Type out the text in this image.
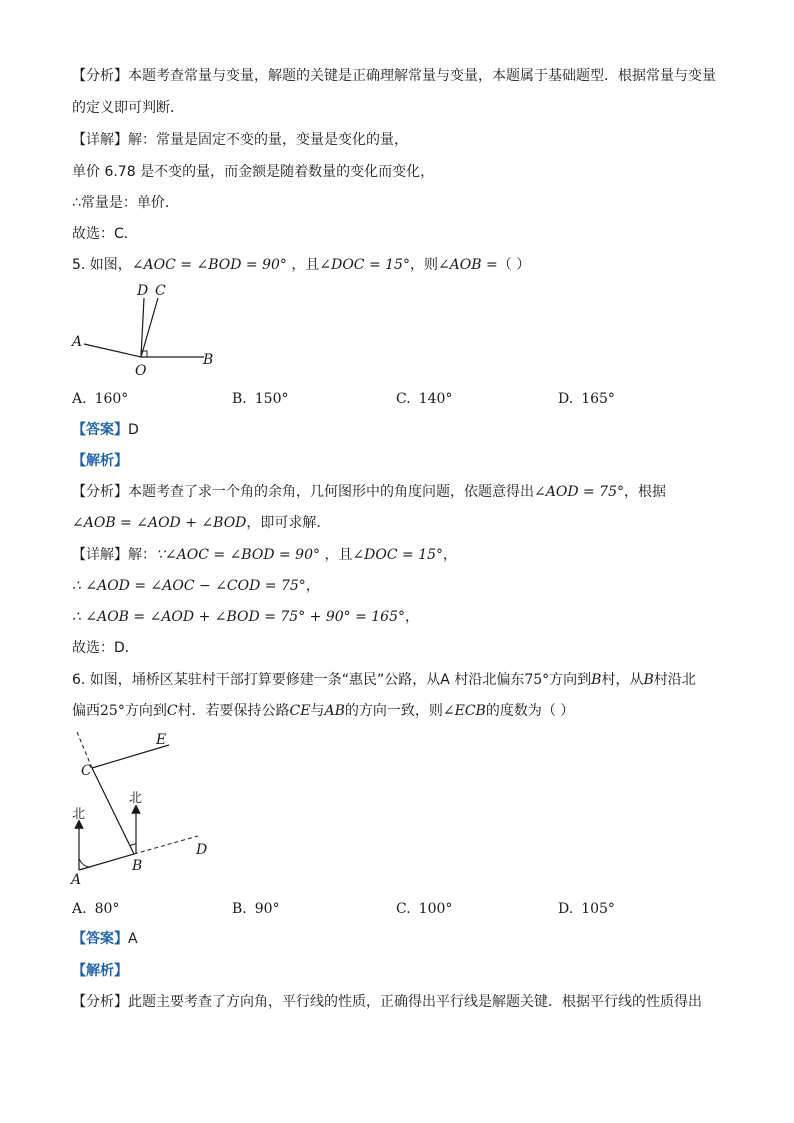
【分析】本题考查常量与变量，解题的关键是正确理解常量与变量，本题属于基础题型．根据常量与变量
的定义即可判断．
【详解】解：常量是固定不变的量，变量是变化的量，
单价 6.78 是不变的量，而金额是随着数量的变化而变化，
∴常量是：单价．
故选：C．
5. 如图，∠AOC = ∠BOD = 90° ，且∠DOC = 15°，则∠AOB =（ ）
D C
A
O
B
A. 160°	B. 150°	C. 140°	D. 165°
【答案】D
【解析】
【分析】本题考查了求一个角的余角，几何图形中的角度问题，依题意得出∠AOD = 75°，根据
∠AOB = ∠AOD + ∠BOD，即可求解．
【详解】解：∵∠AOC = ∠BOD = 90° ，且∠DOC = 15°，
∴ ∠AOD = ∠AOC − ∠COD = 75°，
∴ ∠AOB = ∠AOD + ∠BOD = 75° + 90° = 165°，
故选：D．
6. 如图，埇桥区某驻村干部打算要修建一条“惠民”公路，从A 村沿北偏东75°方向到B村，从B村沿北
偏西25°方向到C村．若要保持公路CE与AB的方向一致，则∠ECB的度数为（ ）
E
C
北
北
D
A
B
A. 80°	B. 90°	C. 100°	D. 105°
【答案】A
【解析】
【分析】此题主要考查了方向角，平行线的性质，正确得出平行线是解题关键．根据平行线的性质得出
